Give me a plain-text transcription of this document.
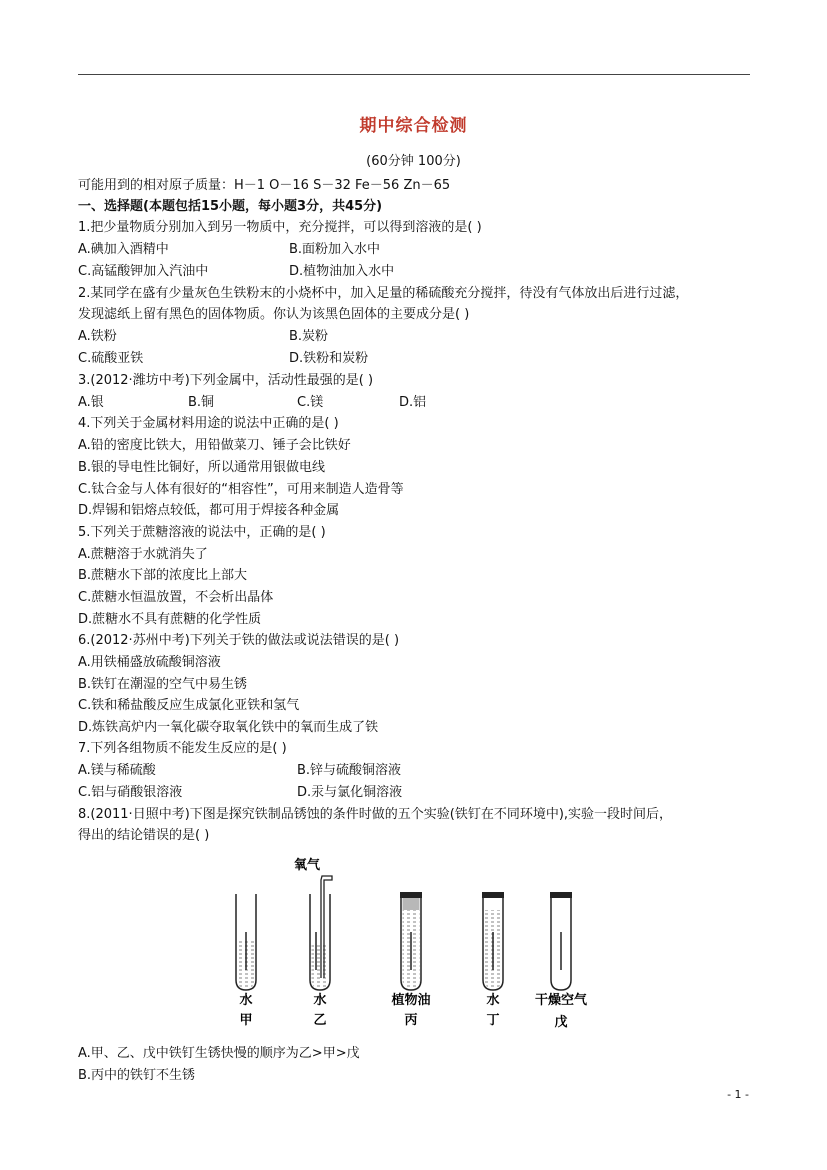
期中综合检测
(60分钟 100分)
可能用到的相对原子质量：H－1 O－16 S－32 Fe－56 Zn－65
一、选择题(本题包括15小题，每小题3分，共45分)
1.把少量物质分别加入到另一物质中，充分搅拌，可以得到溶液的是( )
A.碘加入酒精中	B.面粉加入水中
C.高锰酸钾加入汽油中	D.植物油加入水中
2.某同学在盛有少量灰色生铁粉末的小烧杯中，加入足量的稀硫酸充分搅拌，待没有气体放出后进行过滤，
发现滤纸上留有黑色的固体物质。你认为该黑色固体的主要成分是( )
A.铁粉	B.炭粉
C.硫酸亚铁	D.铁粉和炭粉
3.(2012·潍坊中考)下列金属中，活动性最强的是( )
A.银	B.铜	C.镁	D.铝
4.下列关于金属材料用途的说法中正确的是( )
A.铅的密度比铁大，用铅做菜刀、锤子会比铁好
B.银的导电性比铜好，所以通常用银做电线
C.钛合金与人体有很好的“相容性”，可用来制造人造骨等
D.焊锡和铝熔点较低，都可用于焊接各种金属
5.下列关于蔗糖溶液的说法中，正确的是( )
A.蔗糖溶于水就消失了
B.蔗糖水下部的浓度比上部大
C.蔗糖水恒温放置，不会析出晶体
D.蔗糖水不具有蔗糖的化学性质
6.(2012·苏州中考)下列关于铁的做法或说法错误的是( )
A.用铁桶盛放硫酸铜溶液
B.铁钉在潮湿的空气中易生锈
C.铁和稀盐酸反应生成氯化亚铁和氢气
D.炼铁高炉内一氧化碳夺取氧化铁中的氧而生成了铁
7.下列各组物质不能发生反应的是( )
A.镁与稀硫酸	B.锌与硫酸铜溶液
C.铝与硝酸银溶液	D.汞与氯化铜溶液
8.(2011·日照中考)下图是探究铁制品锈蚀的条件时做的五个实验(铁钉在不同环境中),实验一段时间后，
得出的结论错误的是( )
氧气
水
甲
水
乙
植物油
丙
水
丁
干燥空气
戊
A.甲、乙、戊中铁钉生锈快慢的顺序为乙>甲>戊
B.丙中的铁钉不生锈
- 1 -
